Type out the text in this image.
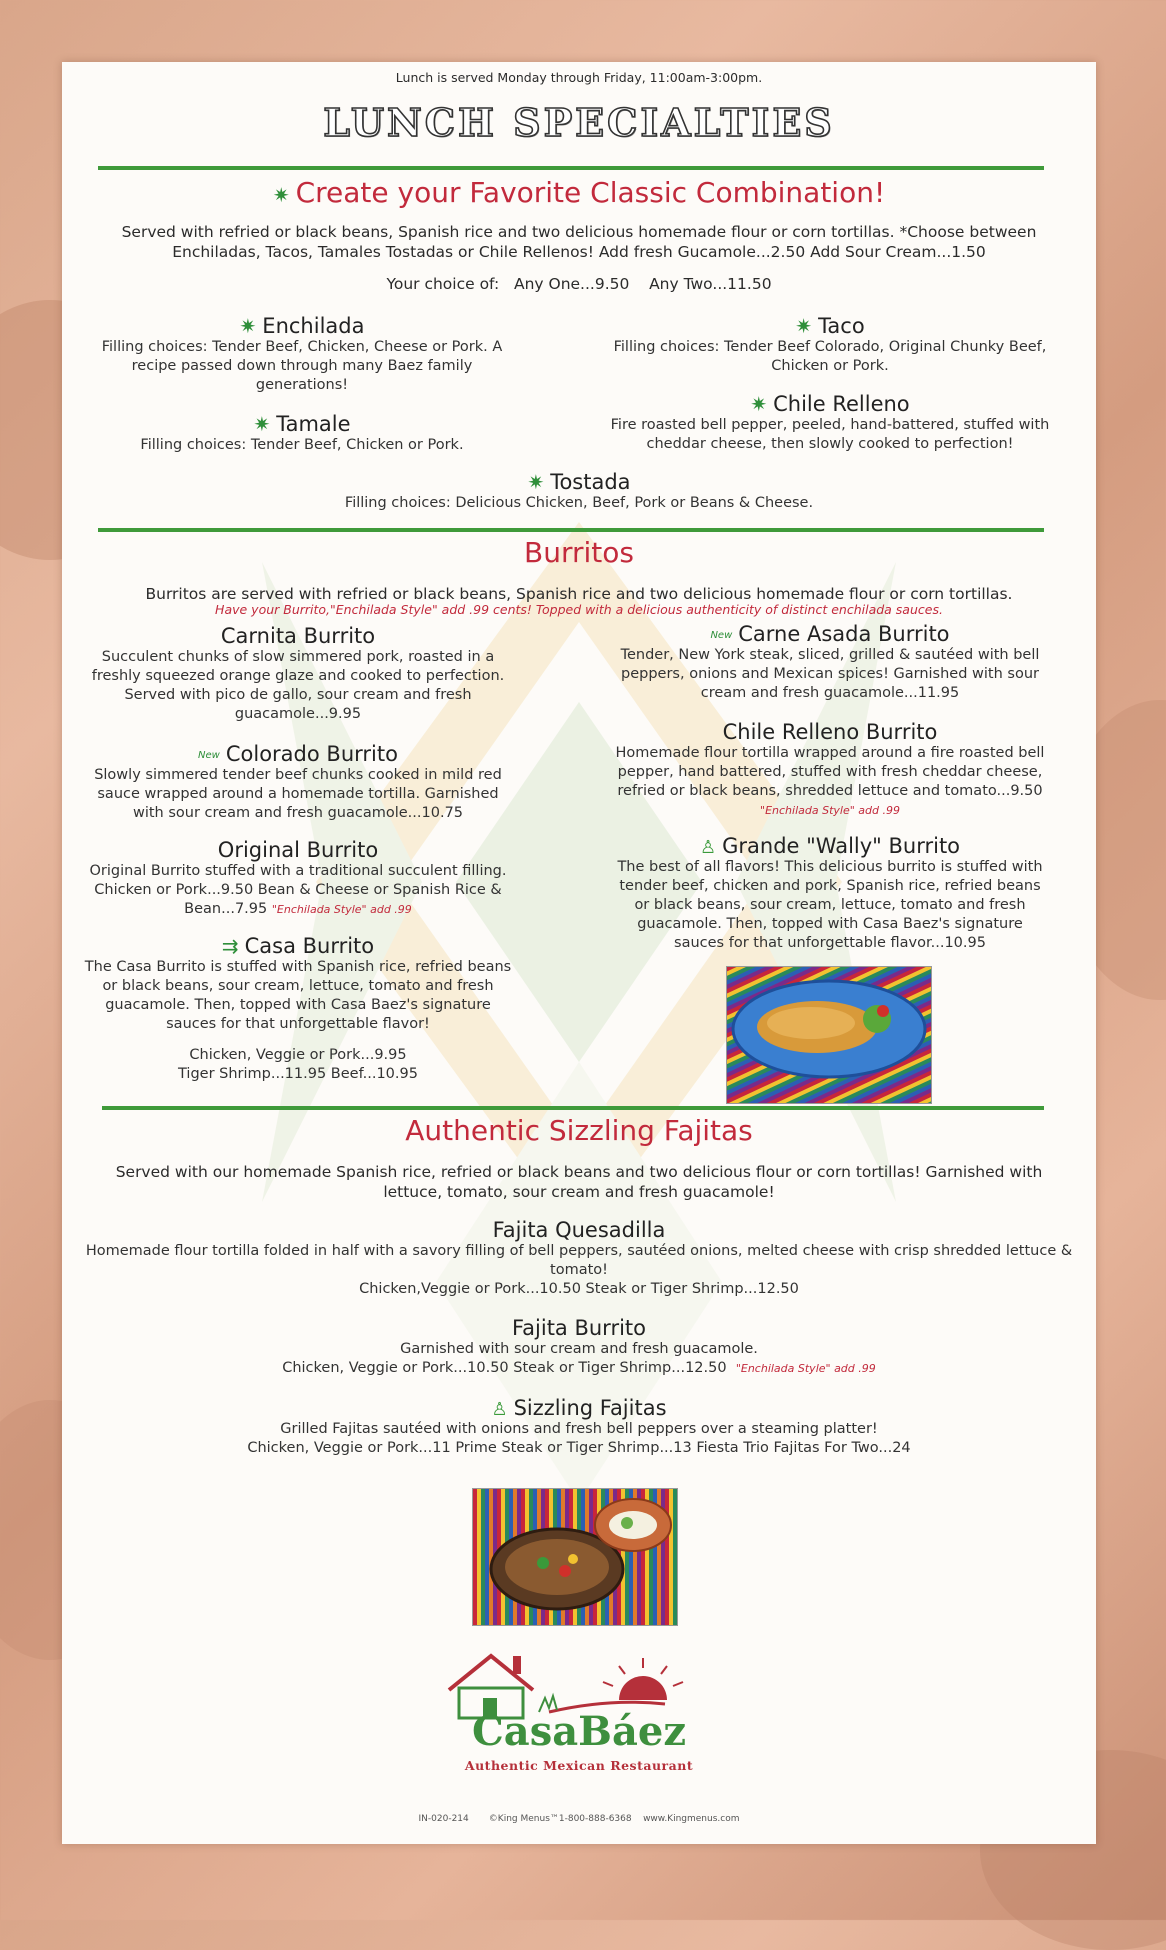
Lunch is served Monday through Friday, 11:00am-3:00pm.
LUNCH SPECIALTIES
✷ Create your Favorite Classic Combination!
Served with refried or black beans, Spanish rice and two delicious homemade flour or corn tortillas. *Choose between
Enchiladas, Tacos, Tamales Tostadas or Chile Rellenos! Add fresh Gucamole...2.50 Add Sour Cream...1.50
Your choice of: Any One...9.50 Any Two...11.50
✷ Enchilada
Filling choices: Tender Beef, Chicken, Cheese or Pork. A recipe passed down through many Baez family generations!
✷ Taco
Filling choices: Tender Beef Colorado, Original Chunky Beef, Chicken or Pork.
✷ Chile Relleno
Fire roasted bell pepper, peeled, hand-battered, stuffed with cheddar cheese, then slowly cooked to perfection!
✷ Tamale
Filling choices: Tender Beef, Chicken or Pork.
✷ Tostada
Filling choices: Delicious Chicken, Beef, Pork or Beans & Cheese.
Burritos
Burritos are served with refried or black beans, Spanish rice and two delicious homemade flour or corn tortillas.
Have your Burrito,"Enchilada Style" add .99 cents! Topped with a delicious authenticity of distinct enchilada sauces.
Carnita Burrito
Succulent chunks of slow simmered pork, roasted in a freshly squeezed orange glaze and cooked to perfection. Served with pico de gallo, sour cream and fresh guacamole...9.95
New Colorado Burrito
Slowly simmered tender beef chunks cooked in mild red sauce wrapped around a homemade tortilla. Garnished with sour cream and fresh guacamole...10.75
Original Burrito
Original Burrito stuffed with a traditional succulent filling. Chicken or Pork...9.50 Bean & Cheese or Spanish Rice & Bean...7.95 "Enchilada Style" add .99
⇉ Casa Burrito
The Casa Burrito is stuffed with Spanish rice, refried beans or black beans, sour cream, lettuce, tomato and fresh guacamole. Then, topped with Casa Baez's signature sauces for that unforgettable flavor!
Chicken, Veggie or Pork...9.95
Tiger Shrimp...11.95 Beef...10.95
New Carne Asada Burrito
Tender, New York steak, sliced, grilled & sautéed with bell peppers, onions and Mexican spices! Garnished with sour cream and fresh guacamole...11.95
Chile Relleno Burrito
Homemade flour tortilla wrapped around a fire roasted bell pepper, hand battered, stuffed with fresh cheddar cheese, refried or black beans, shredded lettuce and tomato...9.50 "Enchilada Style" add .99
♙ Grande "Wally" Burrito
The best of all flavors! This delicious burrito is stuffed with tender beef, chicken and pork, Spanish rice, refried beans or black beans, sour cream, lettuce, tomato and fresh guacamole. Then, topped with Casa Baez's signature sauces for that unforgettable flavor...10.95
Authentic Sizzling Fajitas
Served with our homemade Spanish rice, refried or black beans and two delicious flour or corn tortillas! Garnished with lettuce, tomato, sour cream and fresh guacamole!
Fajita Quesadilla
Homemade flour tortilla folded in half with a savory filling of bell peppers, sautéed onions, melted cheese with crisp shredded lettuce & tomato!
Chicken,Veggie or Pork...10.50 Steak or Tiger Shrimp...12.50
Fajita Burrito
Garnished with sour cream and fresh guacamole.
Chicken, Veggie or Pork...10.50 Steak or Tiger Shrimp...12.50 "Enchilada Style" add .99
♙ Sizzling Fajitas
Grilled Fajitas sautéed with onions and fresh bell peppers over a steaming platter!
Chicken, Veggie or Pork...11 Prime Steak or Tiger Shrimp...13 Fiesta Trio Fajitas For Two...24
CasaBáez
Authentic Mexican Restaurant
IN-020-214 ©King Menus™1-800-888-6368 www.Kingmenus.com
